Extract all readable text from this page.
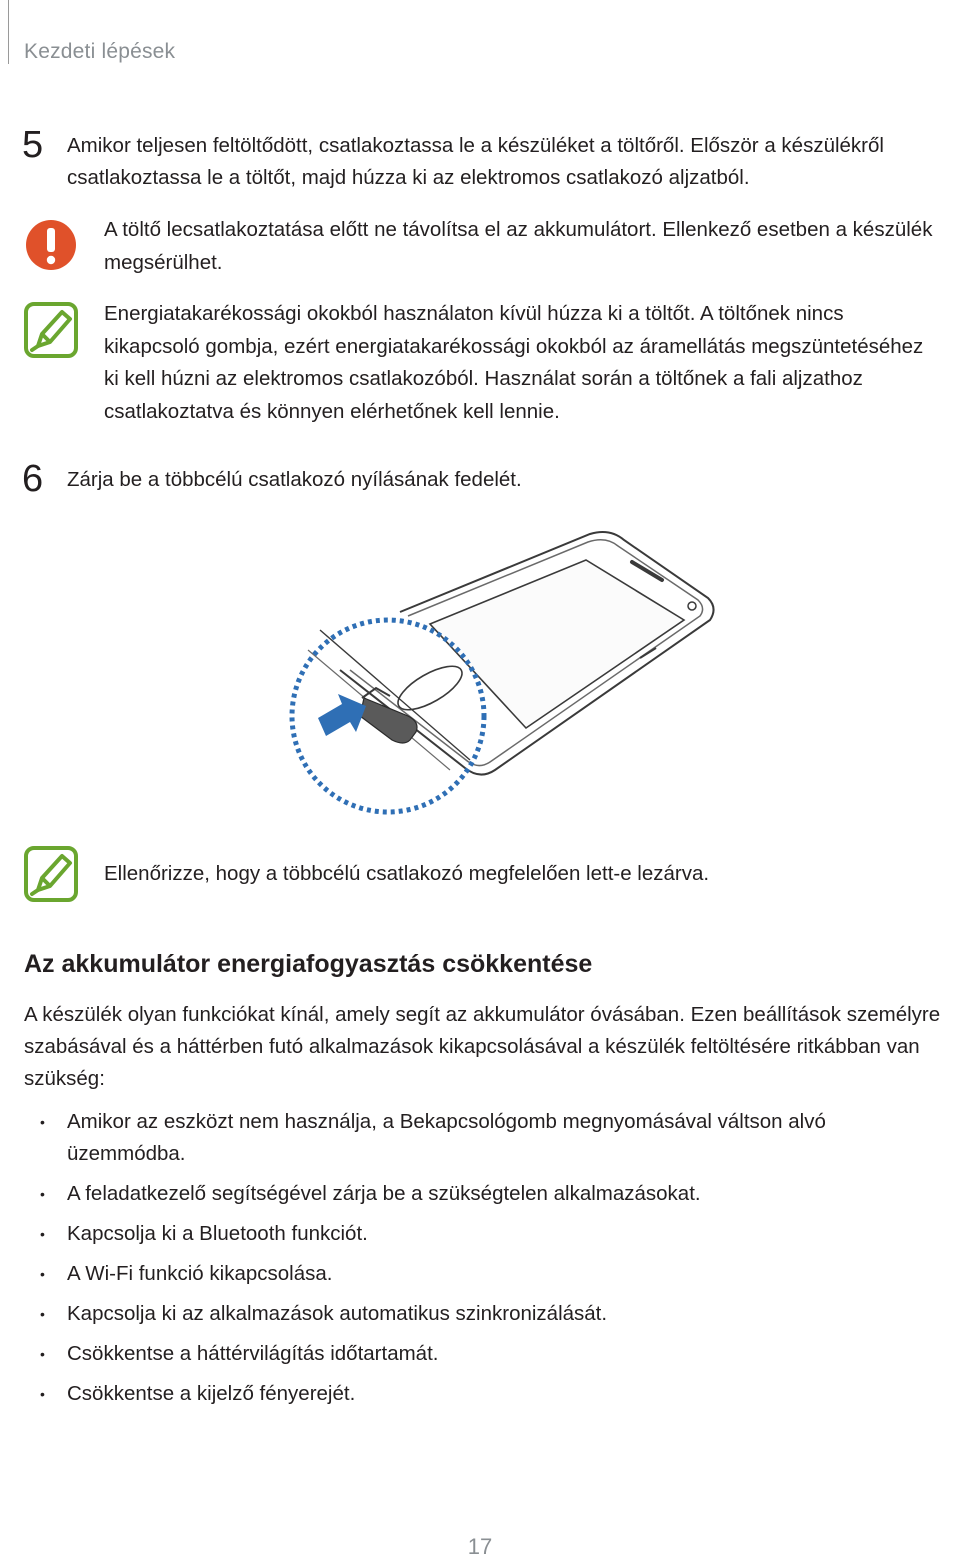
Kezdeti lépések
5 Amikor teljesen feltöltődött, csatlakoztassa le a készüléket a töltőről. Először a készülékről
csatlakoztassa le a töltőt, majd húzza ki az elektromos csatlakozó aljzatból.
A töltő lecsatlakoztatása előtt ne távolítsa el az akkumulátort. Ellenkező esetben a készülék
megsérülhet.
Energiatakarékossági okokból használaton kívül húzza ki a töltőt. A töltőnek nincs
kikapcsoló gombja, ezért energiatakarékossági okokból az áramellátás megszüntetéséhez
ki kell húzni az elektromos csatlakozóból. Használat során a töltőnek a fali aljzathoz
csatlakoztatva és könnyen elérhetőnek kell lennie.
6 Zárja be a többcélú csatlakozó nyílásának fedelét.
Ellenőrizze, hogy a többcélú csatlakozó megfelelően lett-e lezárva.
Az akkumulátor energiafogyasztás csökkentése
A készülék olyan funkciókat kínál, amely segít az akkumulátor óvásában. Ezen beállítások személyre
szabásával és a háttérben futó alkalmazások kikapcsolásával a készülék feltöltésére ritkábban van
szükség:
• Amikor az eszközt nem használja, a Bekapcsológomb megnyomásával váltson alvó
üzemmódba.
• A feladatkezelő segítségével zárja be a szükségtelen alkalmazásokat.
• Kapcsolja ki a Bluetooth funkciót.
• A Wi-Fi funkció kikapcsolása.
• Kapcsolja ki az alkalmazások automatikus szinkronizálását.
• Csökkentse a háttérvilágítás időtartamát.
• Csökkentse a kijelző fényerejét.
17
